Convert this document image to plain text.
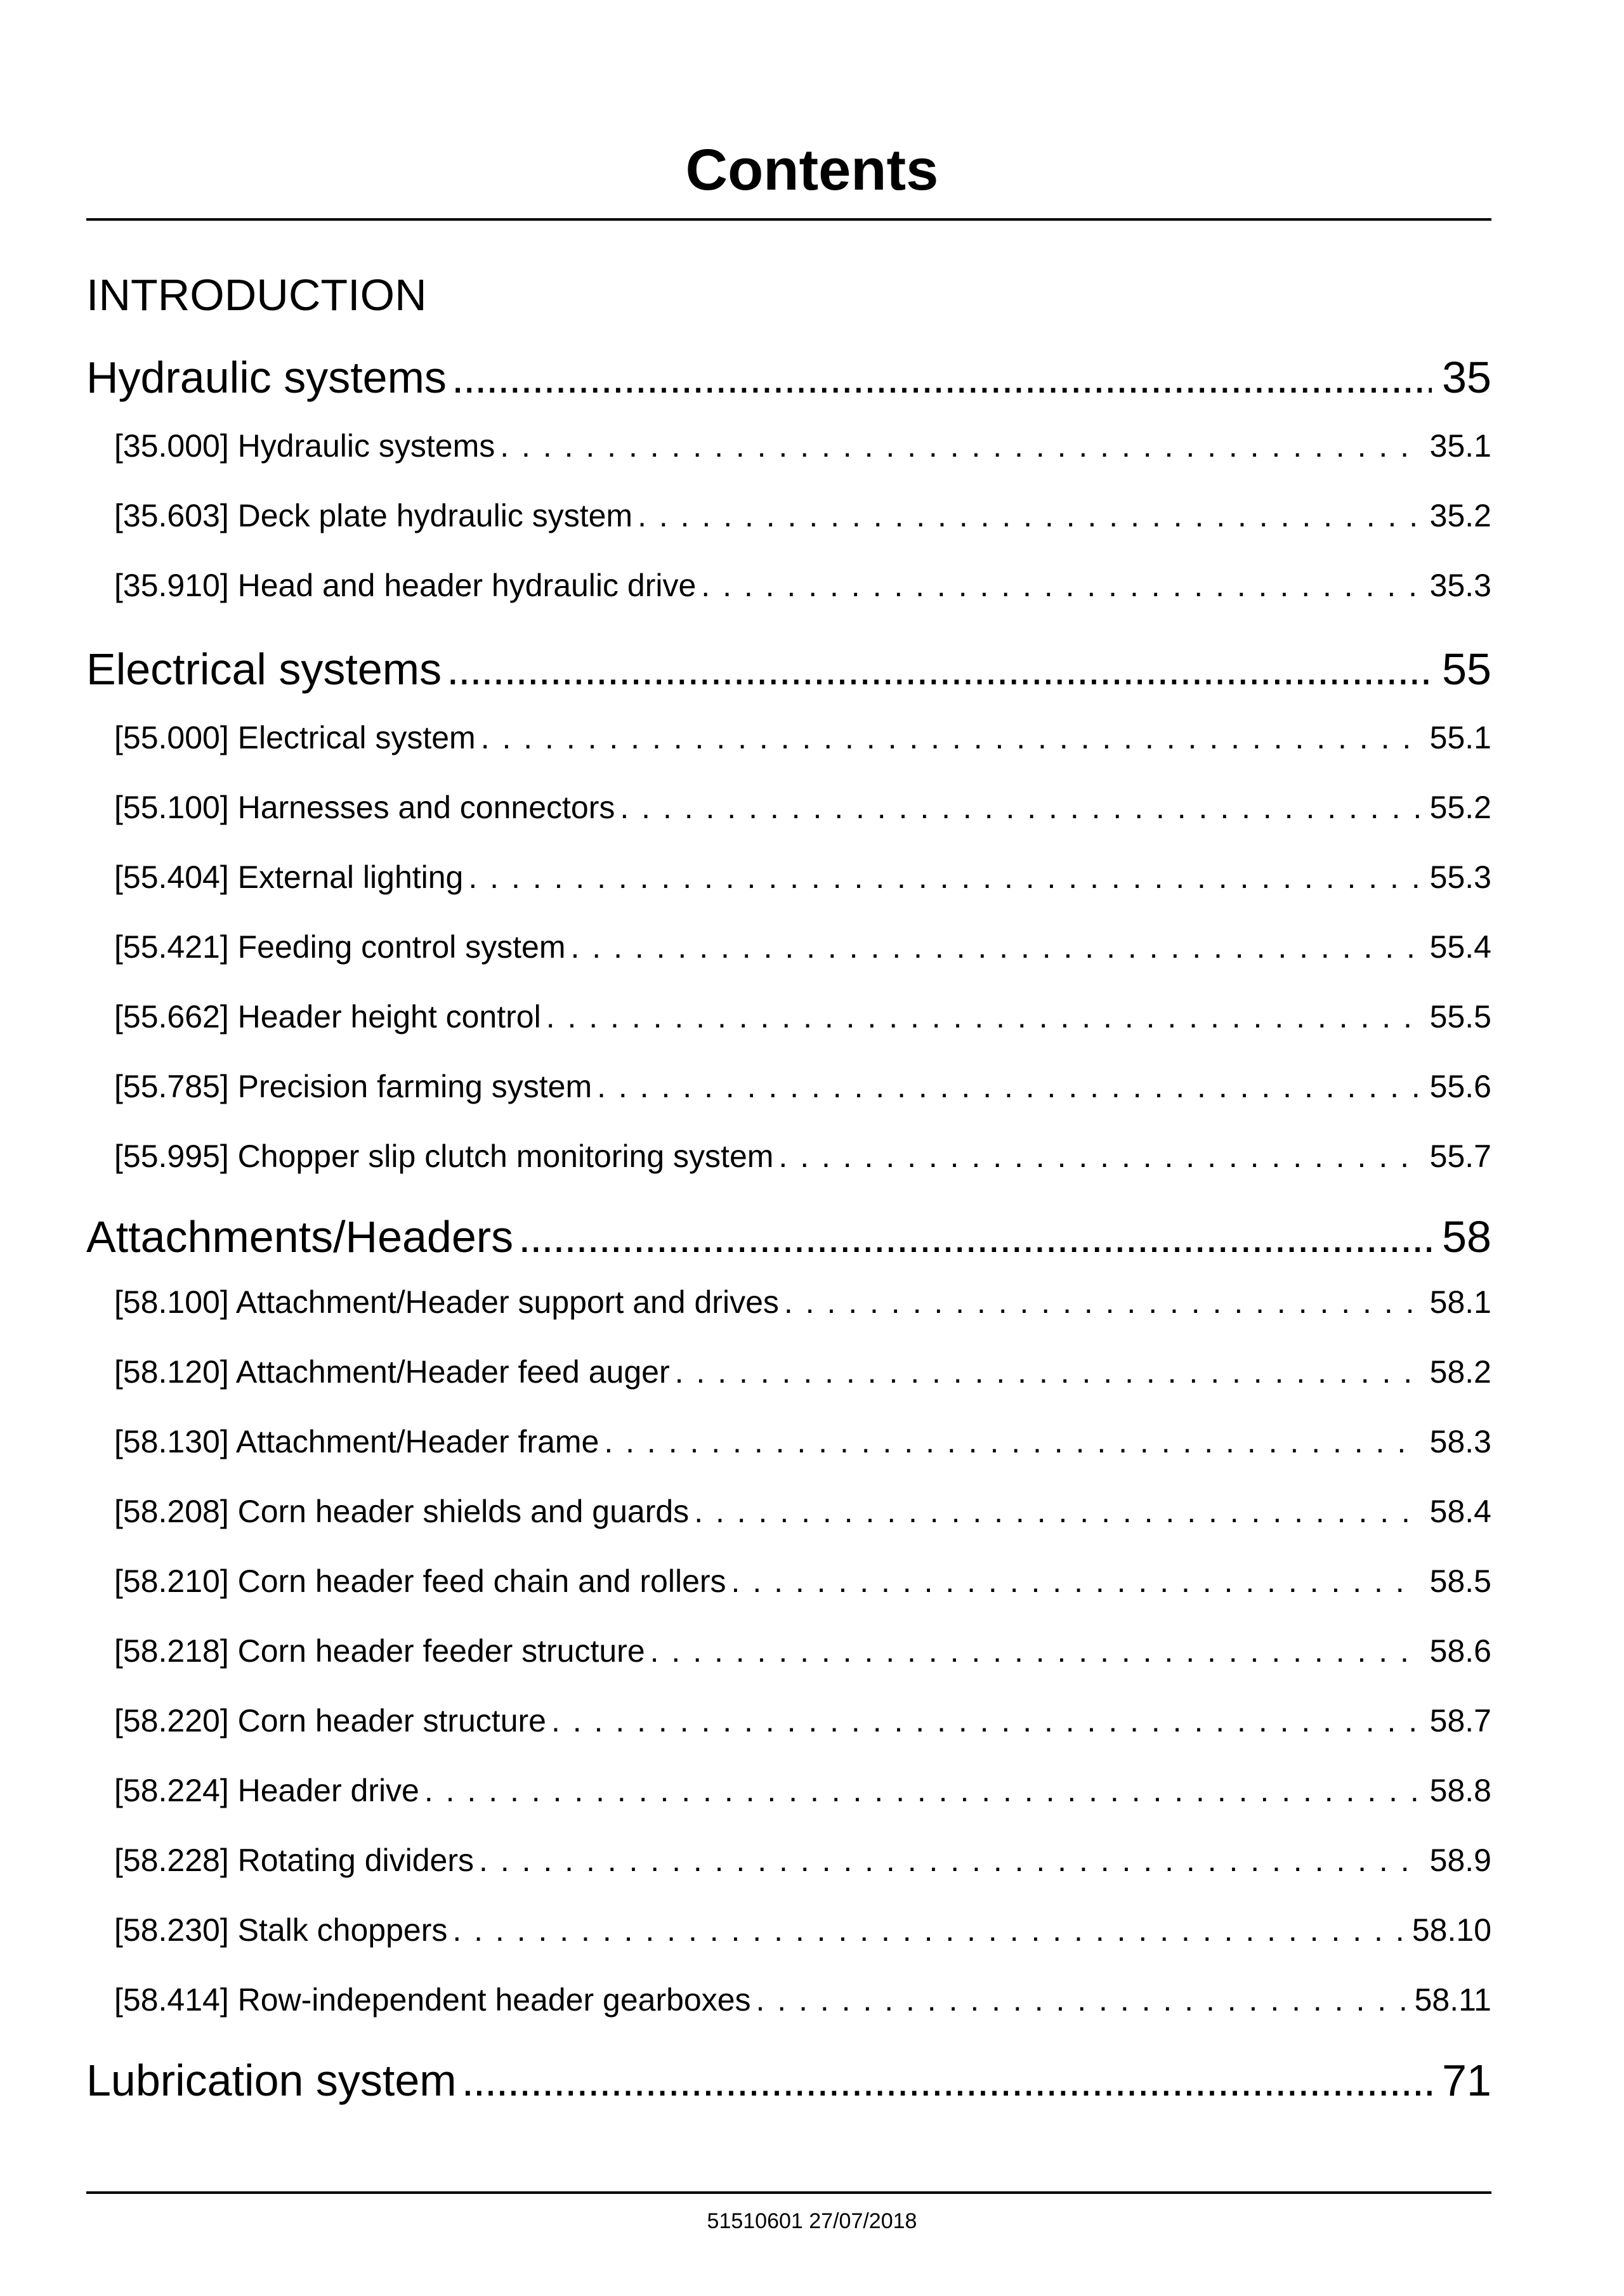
Contents
INTRODUCTION
Hydraulic systems .....	35
[35.000] Hydraulic systems . . .	35.1
[35.603] Deck plate hydraulic system . . .	35.2
[35.910] Head and header hydraulic drive . . .	35.3
Electrical systems .....	55
[55.000] Electrical system . . .	55.1
[55.100] Harnesses and connectors . . .	55.2
[55.404] External lighting . . .	55.3
[55.421] Feeding control system . . .	55.4
[55.662] Header height control . . .	55.5
[55.785] Precision farming system . . .	55.6
[55.995] Chopper slip clutch monitoring system . . .	55.7
Attachments/Headers .....	58
[58.100] Attachment/Header support and drives . . .	58.1
[58.120] Attachment/Header feed auger . . .	58.2
[58.130] Attachment/Header frame . . .	58.3
[58.208] Corn header shields and guards . . .	58.4
[58.210] Corn header feed chain and rollers . . .	58.5
[58.218] Corn header feeder structure . . .	58.6
[58.220] Corn header structure . . .	58.7
[58.224] Header drive . . .	58.8
[58.228] Rotating dividers . . .	58.9
[58.230] Stalk choppers . . .	58.10
[58.414] Row-independent header gearboxes . . .	58.11
Lubrication system .....	71
51510601 27/07/2018
